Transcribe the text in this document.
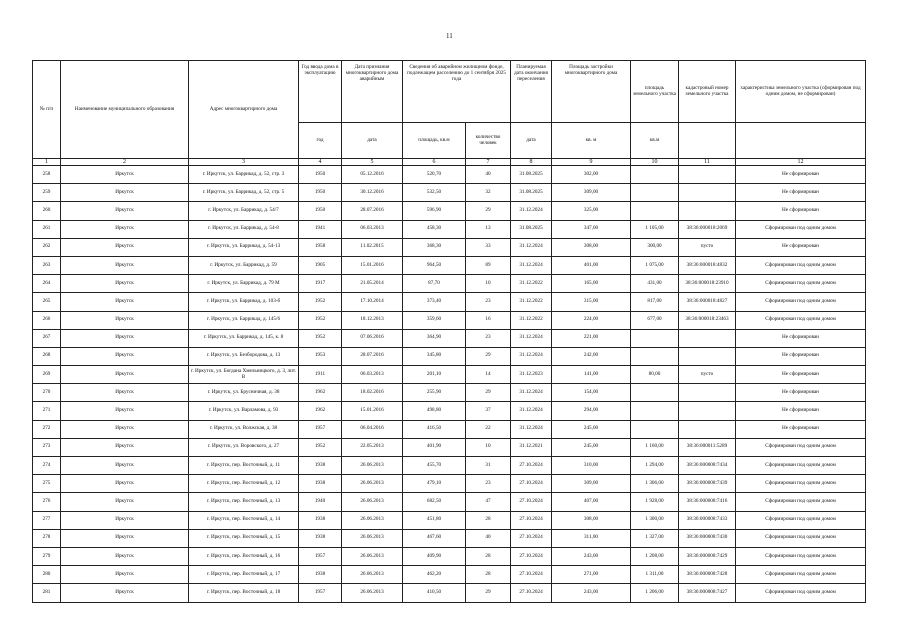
11
№ п/п	Наименование муниципального образования	Адрес многоквартирного дома	Год ввода дома в эксплуатацию	Дата признания многоквартирного дома аварийным	Сведения об аварийном жилищном фонде, подлежащем расселению до 1 сентября 2025 года		Планируемая дата окончания переселения	Площадь застройки многоквартирного дома	площадь земельного участка	кадастровый номер земельного участка	характеристика земельного участка (сформирован под одним домом, не сформирован)
			год	дата	площадь, кв.м	количество человек	дата	кв. м	кв.м		
1	2	3	4	5	6	7	8	9	10	11	12
258	Иркутск	г. Иркутск, ул. Баррикад, д. 52, стр. 3	1950	05.12.2016	520,70	40	31.08.2025	302,00			Не сформирован
259	Иркутск	г. Иркутск, ул. Баррикад, д. 52, стр. 5	1950	30.12.2016	532,50	32	31.08.2025	309,00			Не сформирован
260	Иркутск	г. Иркутск, ул. Баррикад, д. 54/7	1950	28.07.2016	596,90	29	31.12.2024	325,00			Не сформирован
261	Иркутск	г. Иркутск, ул. Баррикад, д. 54-8	1941	06.03.2013	458,30	13	31.08.2025	347,00	1 105,00	38:36:000018:2069	Сформирован под одним домом
262	Иркутск	г. Иркутск, ул. Баррикад, д. 54-13	1958	11.02.2015	368,30	33	31.12.2024	308,00	300,00	пусто	Не сформирован
263	Иркутск	г. Иркутск, ул. Баррикад, д. 59	1905	15.01.2016	964,50	89	31.12.2024	401,00	1 075,00	38:36:000018:4832	Сформирован под одним домом
264	Иркутск	г. Иркутск, ул. Баррикад, д. 79 М	1917	21.05.2014	87,70	10	31.12.2022	165,00	431,00	38:36:000018:23910	Сформирован под одним домом
265	Иркутск	г. Иркутск, ул. Баррикад, д. 103-б	1952	17.10.2014	373,40	23	31.12.2022	315,00	817,00	38:36:000018:4827	Сформирован под одним домом
266	Иркутск	г. Иркутск, ул. Баррикад, д. 145/6	1952	18.12.2013	359,60	16	31.12.2022	224,00	677,00	38:36:000018:23463	Сформирован под одним домом
267	Иркутск	г. Иркутск, ул. Баррикад, д. 145, к. 8	1952	07.06.2016	364,90	23	31.12.2024	221,00			Не сформирован
268	Иркутск	г. Иркутск, ул. Безбородова, д. 13	1953	28.07.2016	345,80	29	31.12.2024	242,00			Не сформирован
269	Иркутск	г. Иркутск, ул. Богдана Хмельницкого, д. 3, лит. В	1911	06.03.2013	201,10	14	31.12.2023	141,00	80,00	пусто	Не сформирован
270	Иркутск	г. Иркутск, ул. Брусничная, д. 38	1962	18.02.2016	255,90	29	31.12.2024	154,00			Не сформирован
271	Иркутск	г. Иркутск, ул. Варламова, д. 93	1962	15.01.2016	498,80	37	31.12.2024	294,00			Не сформирован
272	Иркутск	г. Иркутск, ул. Волжская, д. 38	1957	06.04.2016	416,50	22	31.12.2024	245,00			Не сформирован
273	Иркутск	г. Иркутск, ул. Воровского, д. 27	1952	22.05.2013	401,90	10	31.12.2021	245,00	1 160,00	38:36:000011:5289	Сформирован под одним домом
274	Иркутск	г. Иркутск, пер. Восточный, д. 11	1938	26.06.2013	455,70	31	27.10.2024	310,00	1 294,00	38:36:000008:7434	Сформирован под одним домом
275	Иркутск	г. Иркутск, пер. Восточный, д. 12	1938	26.06.2013	479,10	23	27.10.2024	309,00	1 306,00	38:36:000008:7439	Сформирован под одним домом
276	Иркутск	г. Иркутск, пер. Восточный, д. 13	1940	26.06.2013	682,50	47	27.10.2024	407,00	1 928,00	38:36:000008:7416	Сформирован под одним домом
277	Иркутск	г. Иркутск, пер. Восточный, д. 14	1938	26.06.2013	451,80	28	27.10.2024	308,00	1 300,00	38:36:000008:7433	Сформирован под одним домом
278	Иркутск	г. Иркутск, пер. Восточный, д. 15	1938	26.06.2013	467,60	40	27.10.2024	311,00	1 327,00	38:36:000008:7430	Сформирован под одним домом
279	Иркутск	г. Иркутск, пер. Восточный, д. 16	1957	26.06.2013	409,90	28	27.10.2024	243,00	1 208,00	38:36:000008:7429	Сформирован под одним домом
280	Иркутск	г. Иркутск, пер. Восточный, д. 17	1938	26.06.2013	462,20	28	27.10.2024	271,00	1 311,00	38:36:000008:7428	Сформирован под одним домом
281	Иркутск	г. Иркутск, пер. Восточный, д. 18	1957	26.06.2013	410,50	29	27.10.2024	243,00	1 206,00	38:36:000008:7427	Сформирован под одним домом
